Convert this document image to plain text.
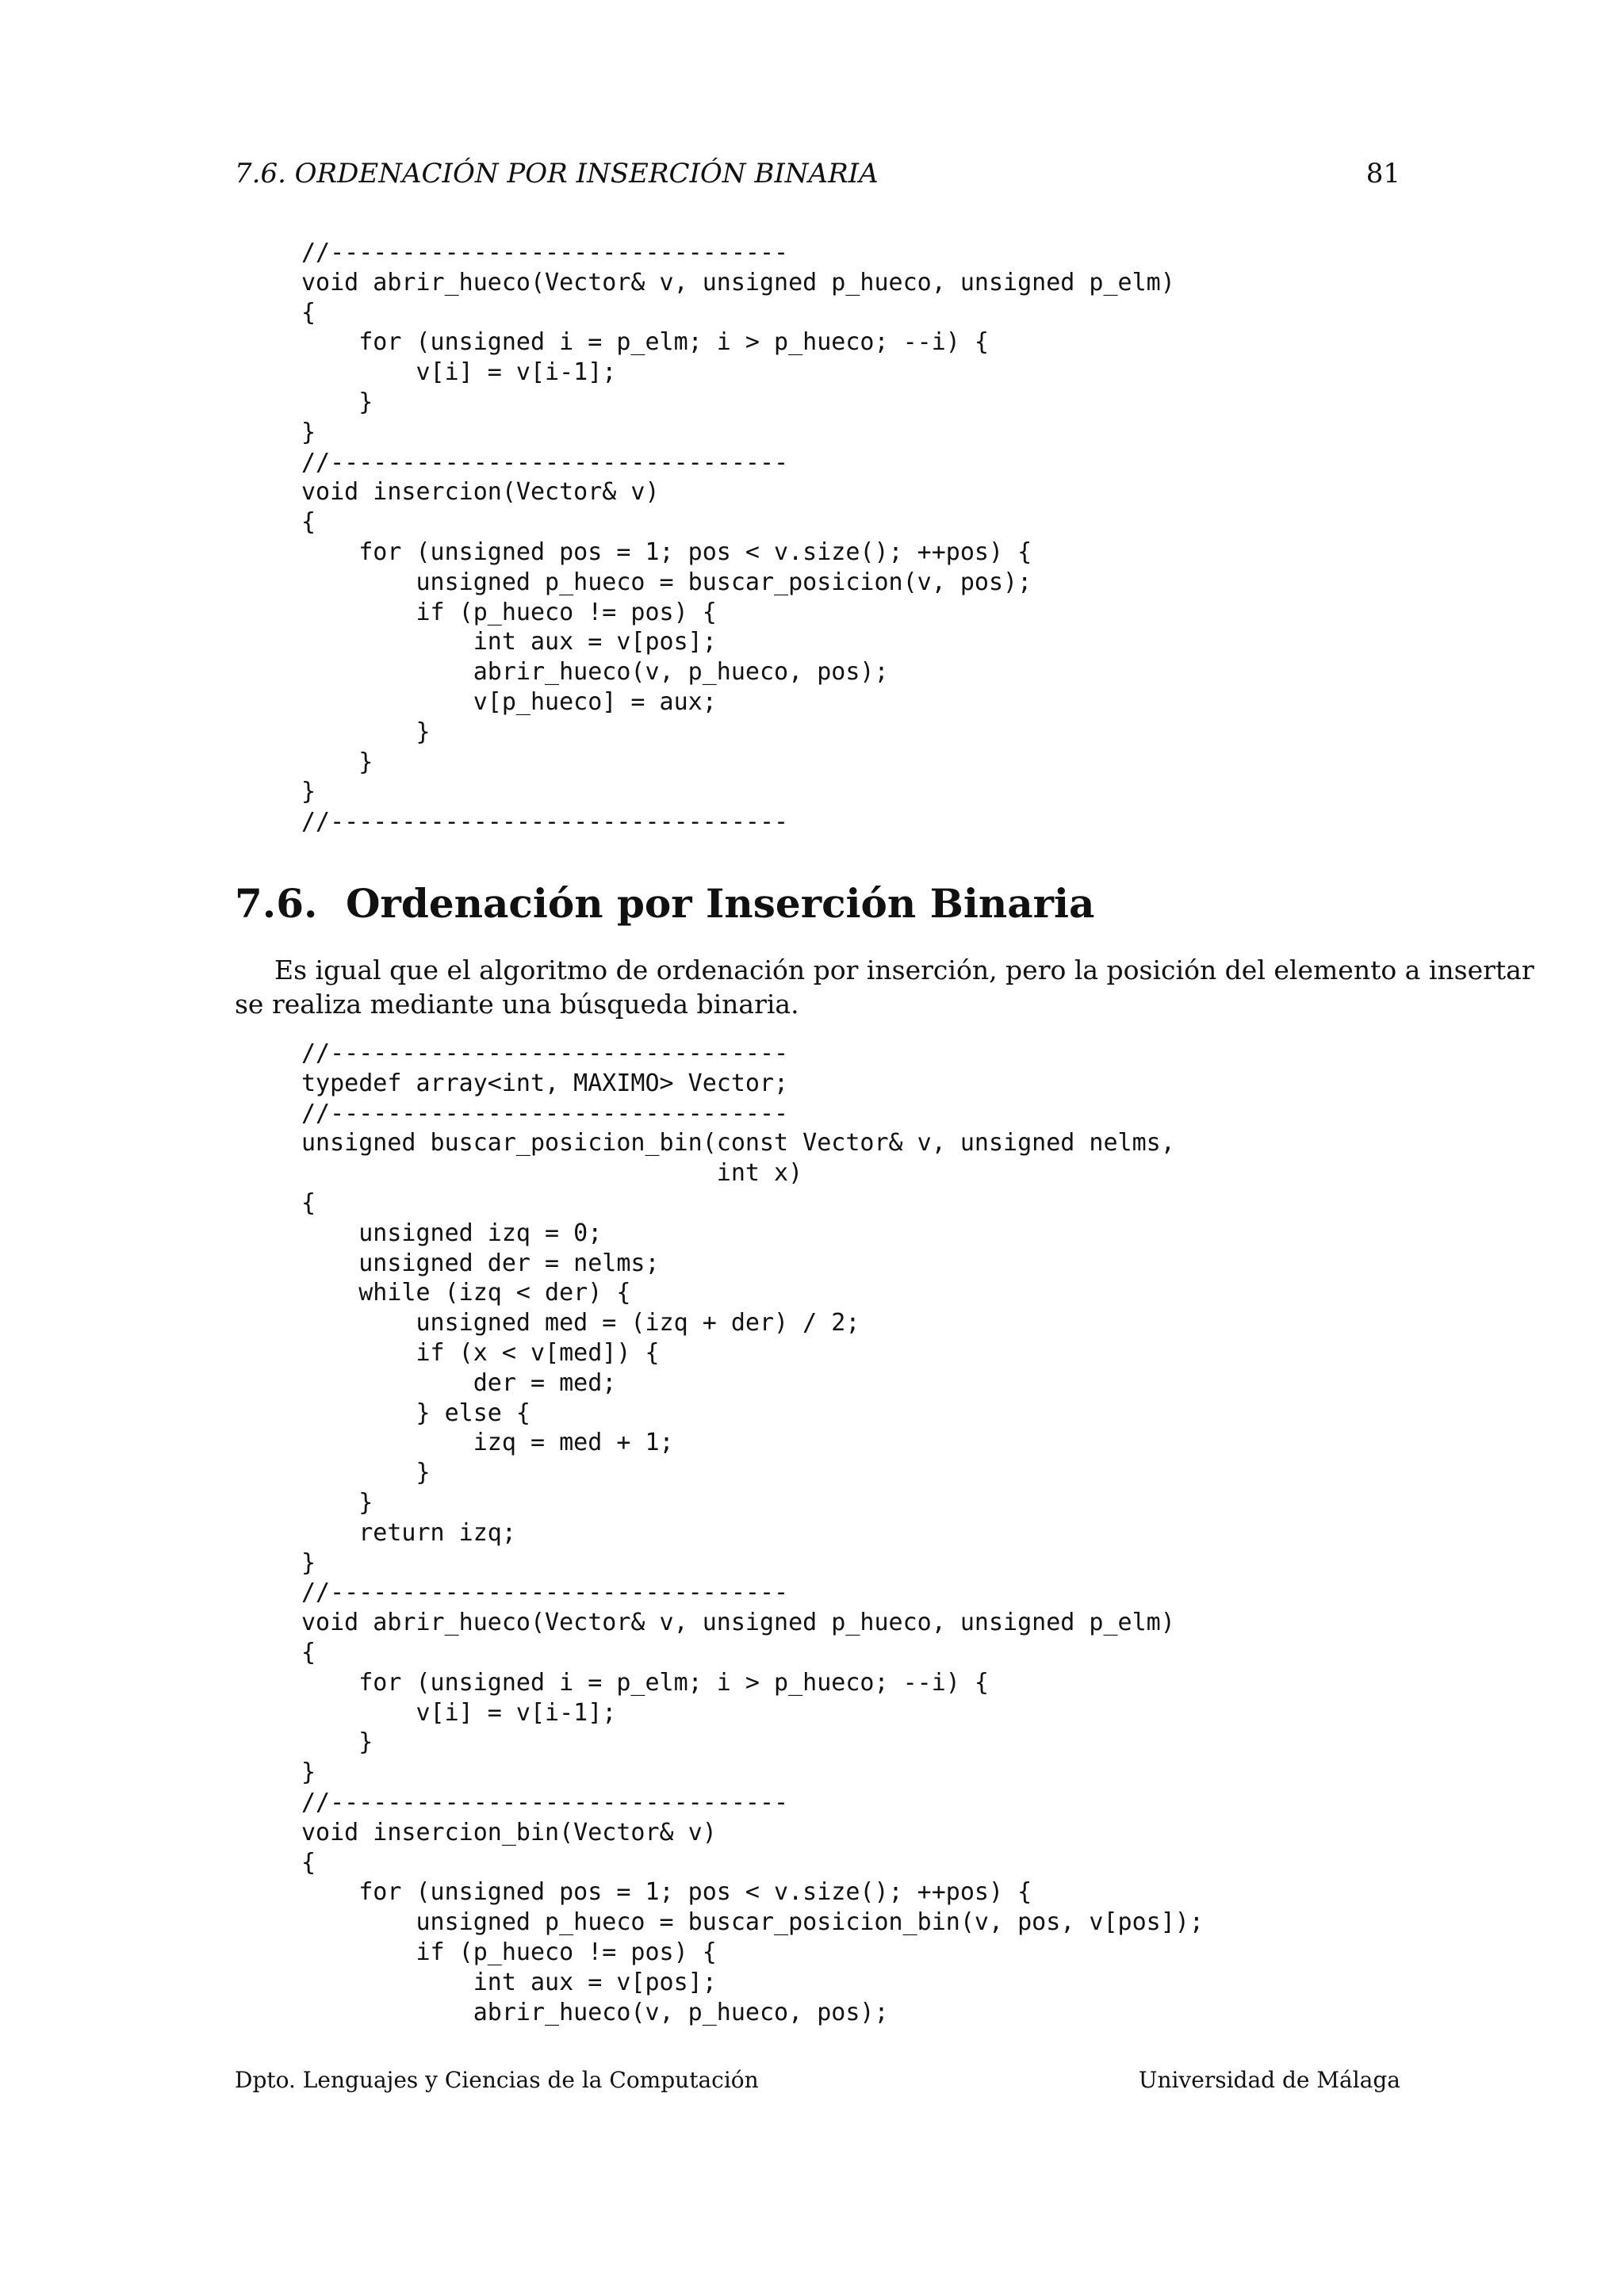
7.6. ORDENACIÓN POR INSERCIÓN BINARIA	81
//--------------------------------
void abrir_hueco(Vector& v, unsigned p_hueco, unsigned p_elm)
{
for (unsigned i = p_elm; i > p_hueco; --i) {
v[i] = v[i-1];
}
}
//--------------------------------
void insercion(Vector& v)
{
for (unsigned pos = 1; pos < v.size(); ++pos) {
unsigned p_hueco = buscar_posicion(v, pos);
if (p_hueco != pos) {
int aux = v[pos];
abrir_hueco(v, p_hueco, pos);
v[p_hueco] = aux;
}
}
}
//--------------------------------
7.6. Ordenación por Inserción Binaria

Es igual que el algoritmo de ordenación por inserción, pero la posición del elemento a insertar
se realiza mediante una búsqueda binaria.

//--------------------------------
typedef array<int, MAXIMO> Vector;
//--------------------------------
unsigned buscar_posicion_bin(const Vector& v, unsigned nelms,
int x)
{
unsigned izq = 0;
unsigned der = nelms;
while (izq < der) {
unsigned med = (izq + der) / 2;
if (x < v[med]) {
der = med;
} else {
izq = med + 1;
}
}
return izq;
}
//--------------------------------
void abrir_hueco(Vector& v, unsigned p_hueco, unsigned p_elm)
{
for (unsigned i = p_elm; i > p_hueco; --i) {
v[i] = v[i-1];
}
}
//--------------------------------
void insercion_bin(Vector& v)
{
for (unsigned pos = 1; pos < v.size(); ++pos) {
unsigned p_hueco = buscar_posicion_bin(v, pos, v[pos]);
if (p_hueco != pos) {
int aux = v[pos];
abrir_hueco(v, p_hueco, pos);
Dpto. Lenguajes y Ciencias de la Computación	Universidad de Málaga
